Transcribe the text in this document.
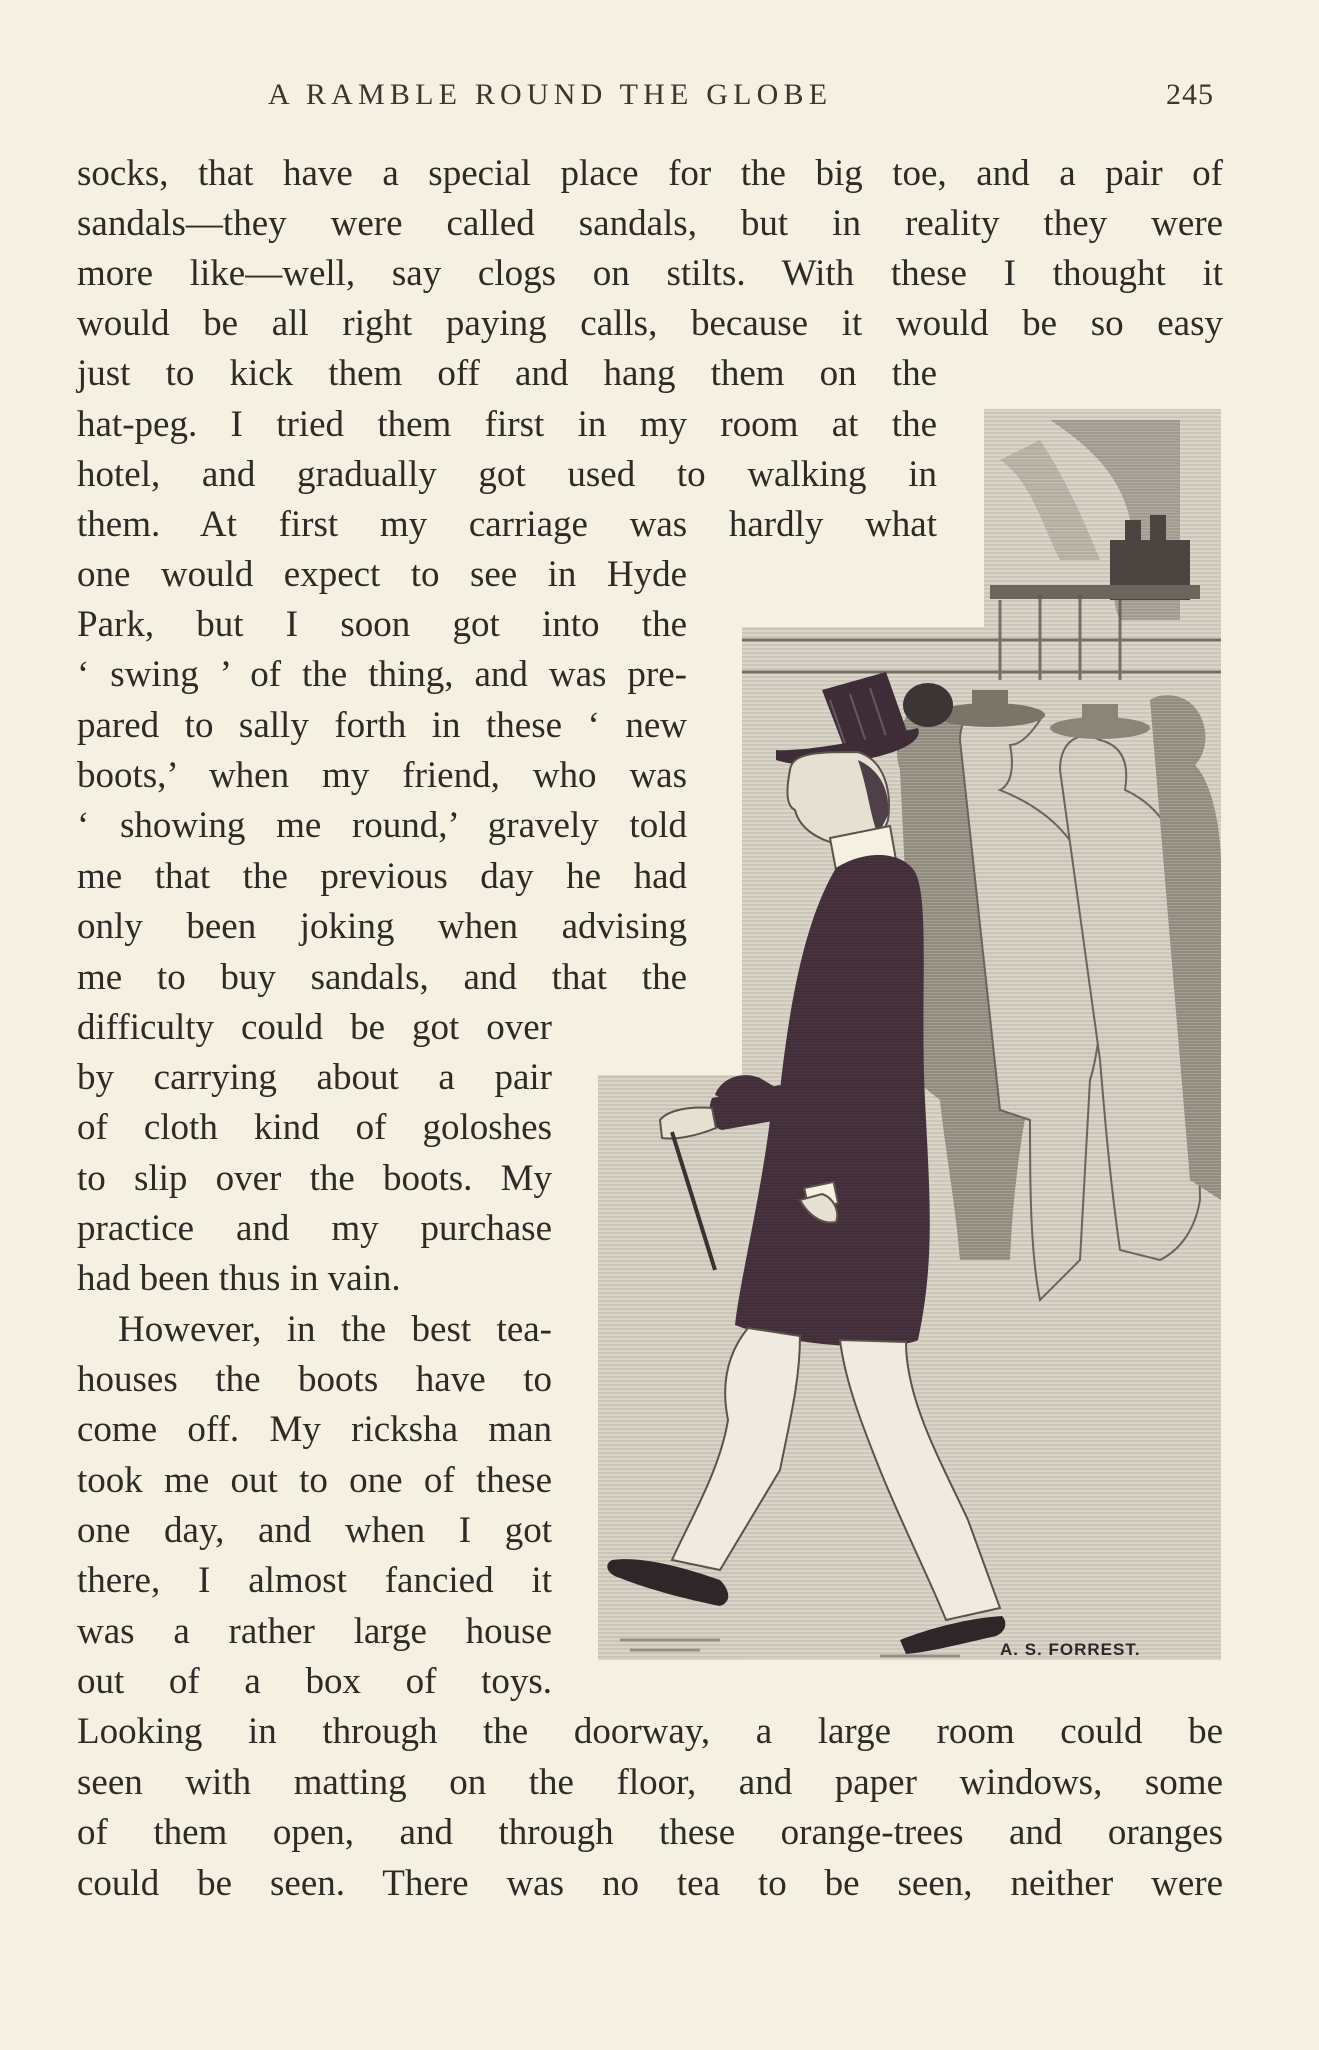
A RAMBLE ROUND THE GLOBE	245
socks, that have a special place for the big toe, and a pair of
sandals—they were called sandals, but in reality they were
more like—well, say clogs on stilts. With these I thought it
would be all right paying calls, because it would be so easy
just to kick them off and hang them on the
hat-peg. I tried them first in my room at the
hotel, and gradually got used to walking in
them. At first my carriage was hardly what
one would expect to see in Hyde
Park, but I soon got into the
‘ swing ’ of the thing, and was pre-
pared to sally forth in these ‘ new
boots,’ when my friend, who was
‘ showing me round,’ gravely told
me that the previous day he had
only been joking when advising
me to buy sandals, and that the
difficulty could be got over
by carrying about a pair
of cloth kind of goloshes
to slip over the boots. My
practice and my purchase
had been thus in vain.
However, in the best tea-
houses the boots have to
come off. My ricksha man
took me out to one of these
one day, and when I got
there, I almost fancied it
was a rather large house
out of a box of toys.
Looking in through the doorway, a large room could be
seen with matting on the floor, and paper windows, some
of them open, and through these orange-trees and oranges
could be seen. There was no tea to be seen, neither were
A. S. FORREST.
